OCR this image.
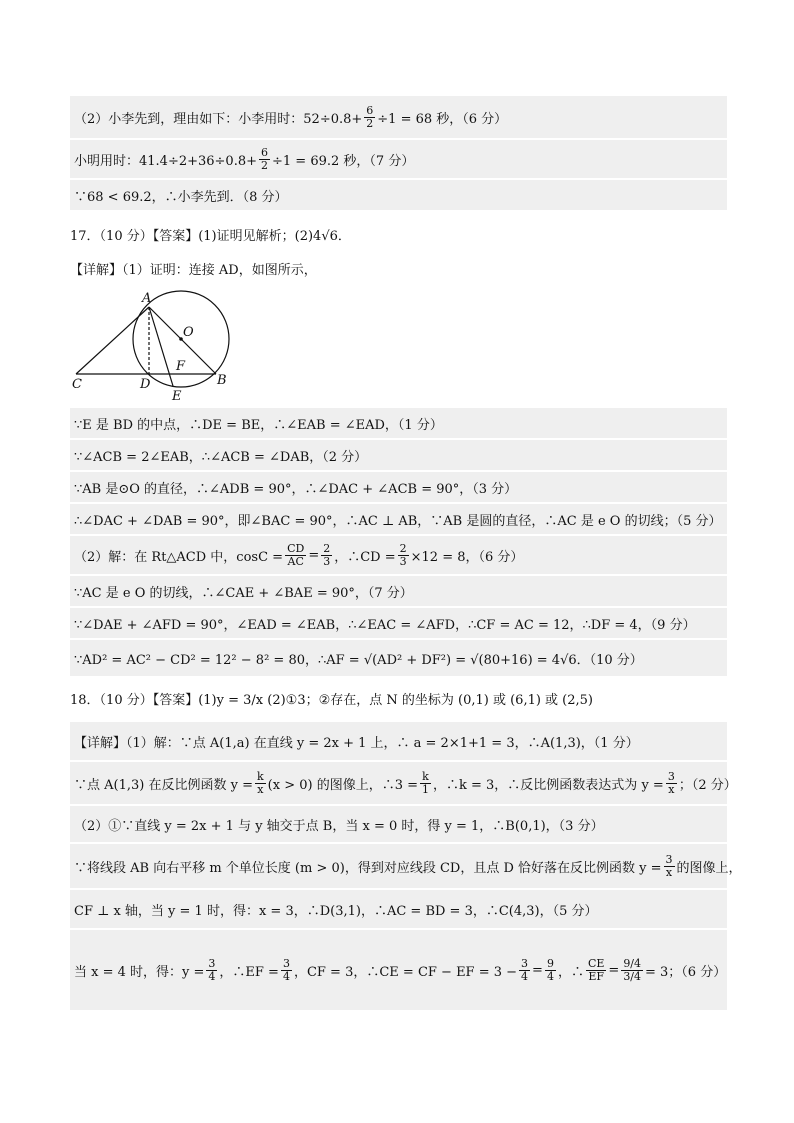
（2）小李先到，理由如下：小李用时：$52\div 0.8+ \frac{6}{2} \div 1 = 68$ 秒，（6 分）
小明用时：$41.4\div 2+36\div 0.8+ \frac{6}{2} \div 1 = 69.2$ 秒，（7 分）
∵68 < 69.2，∴小李先到．（8 分）
17．（10 分）【答案】(1)证明见解析；(2)4√6．
【详解】（1）证明：连接 AD，如图所示，
A
O
F
C	D	B
E
∵E 是 BD 的中点，∴DE = BE，∴∠EAB = ∠EAD，（1 分）
∵∠ACB = 2∠EAB，∴∠ACB = ∠DAB，（2 分）
∵AB 是⊙O 的直径，∴∠ADB = 90°，∴∠DAC + ∠ACB = 90°，（3 分）
∴∠DAC + ∠DAB = 90°，即∠BAC = 90°，∴AC ⊥ AB，∵AB 是圆的直径，∴AC 是 e O 的切线；（5 分）
（2）解：在 Rt△ACD 中，$\cos C = \frac{CD}{AC} = \frac{2}{3}$ ，∴CD = $\frac{2}{3} \times 12 = 8$，（6 分）
∵AC 是 e O 的切线，∴∠CAE + ∠BAE = 90°，（7 分）
∵∠DAE + ∠AFD = 90°，∠EAD = ∠EAB，∴∠EAC = ∠AFD，∴CF = AC = 12，∴DF = 4，（9 分）
∵AD² = AC² − CD² = 12² − 8² = 80，∴AF = √(AD² + DF²) = √(80+16) = 4√6．（10 分）
18．（10 分）【答案】(1)y = 3/x (2)①3；②存在，点 N 的坐标为 (0,1) 或 (6,1) 或 (2,5)
【详解】（1）解：∵点 A(1,a) 在直线 y = 2x + 1 上，∴ a = 2×1+1 = 3，∴A(1,3)，（1 分）
∵点 A(1,3) 在反比例函数 $y = \frac{k}{x} (x > 0)$ 的图像上，∴3 = $\frac{k}{1}$ ，∴k = 3，∴反比例函数表达式为 $y = \frac{3}{x}$ ；（2 分）
（2）①∵直线 y = 2x + 1 与 y 轴交于点 B，当 x = 0 时，得 y = 1，∴B(0,1)，（3 分）
∵将线段 AB 向右平移 m 个单位长度 (m > 0)，得到对应线段 CD，且点 D 恰好落在反比例函数 $y = \frac{3}{x}$ 的图像上，
CF ⊥ x 轴，当 y = 1 时，得：x = 3，∴D(3,1)，∴AC = BD = 3，∴C(4,3)，（5 分）
当 x = 4 时，得：$y = \frac{3}{4}$ ，∴EF = $\frac{3}{4}$ ，CF = 3，∴CE = CF − EF = $3 - \frac{3}{4} = \frac{9}{4}$ ，∴ $\frac{CE}{EF} = \frac{9/4}{3/4} = 3$；（6 分）
